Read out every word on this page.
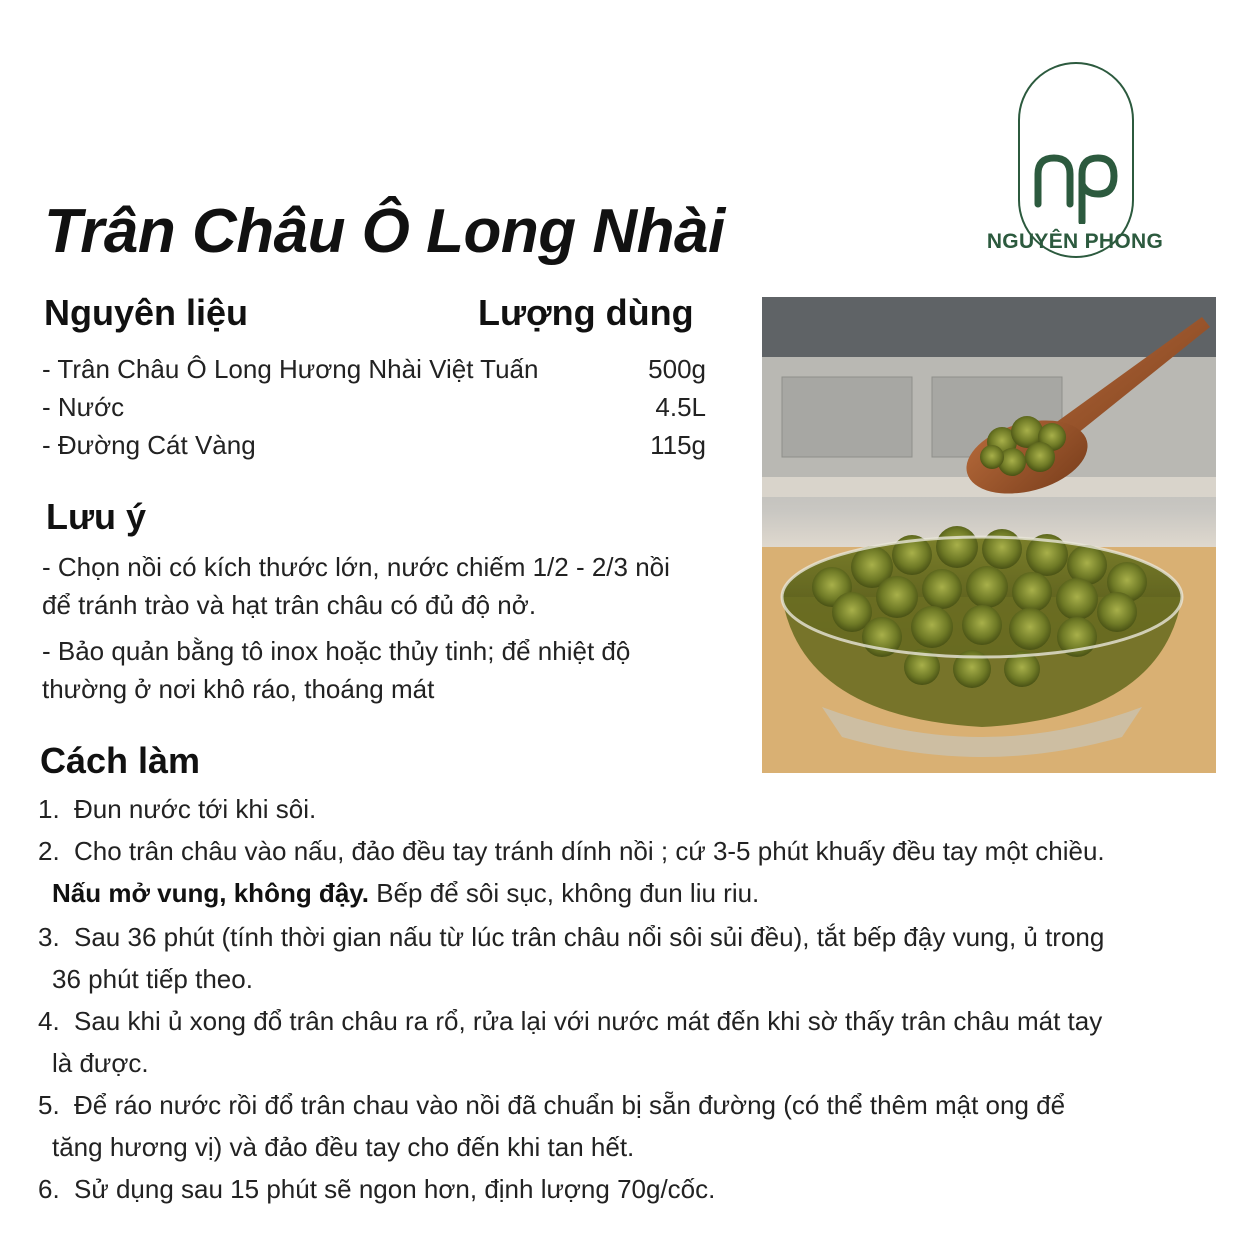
Trân Châu Ô Long Nhài	NGUYÊN PHONG
Nguyên liệu	Lượng dùng
- Trân Châu Ô Long Hương Nhài Việt Tuấn	500g
- Nước	4.5L
- Đường Cát Vàng	115g
Lưu ý
- Chọn nồi có kích thước lớn, nước chiếm 1/2 - 2/3 nồi
để tránh trào và hạt trân châu có đủ độ nở.
- Bảo quản bằng tô inox hoặc thủy tinh; để nhiệt độ
thường ở nơi khô ráo, thoáng mát
Cách làm
1. Đun nước tới khi sôi.
2. Cho trân châu vào nấu, đảo đều tay tránh dính nồi ; cứ 3-5 phút khuấy đều tay một chiều.
Nấu mở vung, không đậy. Bếp để sôi sục, không đun liu riu.
3. Sau 36 phút (tính thời gian nấu từ lúc trân châu nổi sôi sủi đều), tắt bếp đậy vung, ủ trong
36 phút tiếp theo.
4. Sau khi ủ xong đổ trân châu ra rổ, rửa lại với nước mát đến khi sờ thấy trân châu mát tay
là được.
5. Để ráo nước rồi đổ trân chau vào nồi đã chuẩn bị sẵn đường (có thể thêm mật ong để
tăng hương vị) và đảo đều tay cho đến khi tan hết.
6. Sử dụng sau 15 phút sẽ ngon hơn, định lượng 70g/cốc.
